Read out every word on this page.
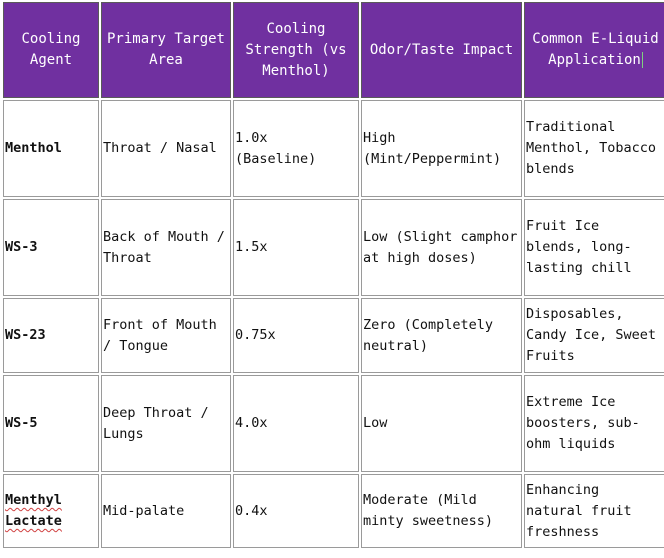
Cooling Agent	Primary Target Area	Cooling Strength (vs Menthol)	Odor/Taste Impact	Common E-Liquid Application
Menthol	Throat / Nasal	1.0x (Baseline)	High (Mint/Peppermint)	Traditional Menthol, Tobacco blends
WS-3	Back of Mouth / Throat	1.5x	Low (Slight camphor at high doses)	Fruit Ice blends, long-lasting chill
WS-23	Front of Mouth / Tongue	0.75x	Zero (Completely neutral)	Disposables, Candy Ice, Sweet Fruits
WS-5	Deep Throat / Lungs	4.0x	Low	Extreme Ice boosters, sub-ohm liquids
Menthyl Lactate	Mid-palate	0.4x	Moderate (Mild minty sweetness)	Enhancing natural fruit freshness
